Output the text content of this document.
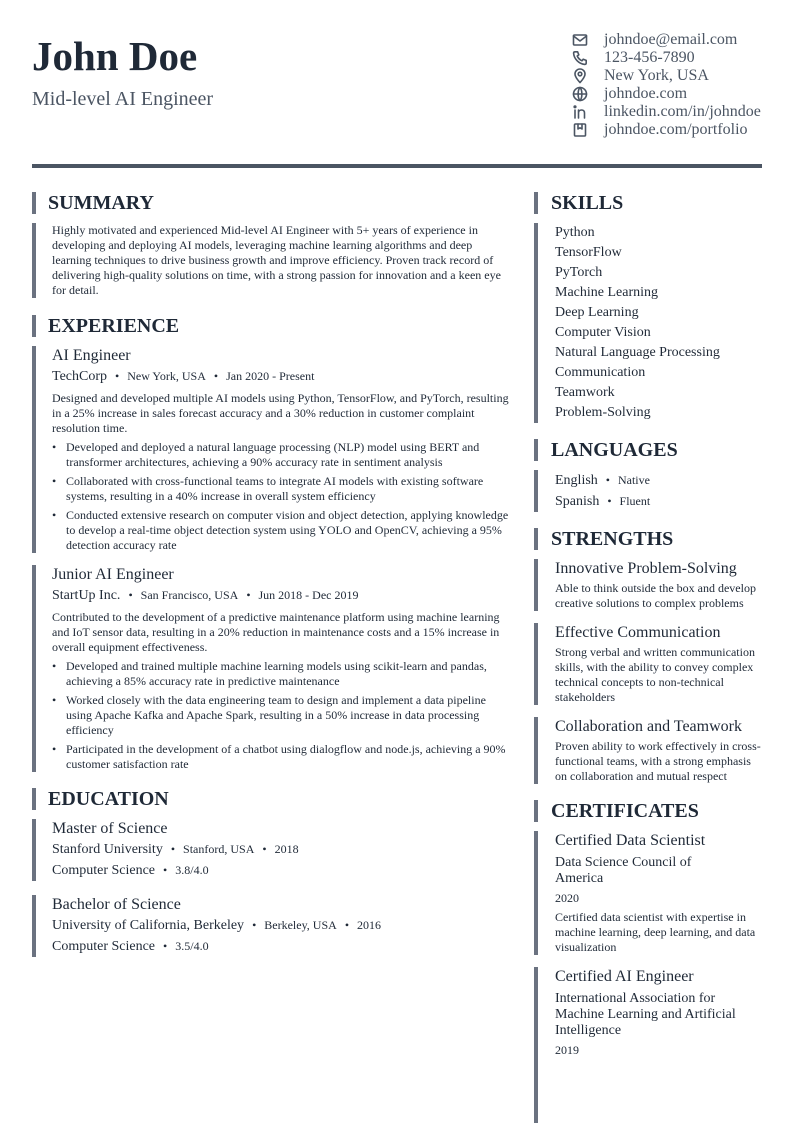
John Doe
Mid-level AI Engineer
johndoe@email.com
123-456-7890
New York, USA
johndoe.com
linkedin.com/in/johndoe
johndoe.com/portfolio
SUMMARY
Highly motivated and experienced Mid-level AI Engineer with 5+ years of experience in developing and deploying AI models, leveraging machine learning algorithms and deep learning techniques to drive business growth and improve efficiency. Proven track record of delivering high-quality solutions on time, with a strong passion for innovation and a keen eye for detail.
EXPERIENCE
AI Engineer
TechCorp • New York, USA • Jan 2020 - Present
Designed and developed multiple AI models using Python, TensorFlow, and PyTorch, resulting in a 25% increase in sales forecast accuracy and a 30% reduction in customer complaint resolution time.
• Developed and deployed a natural language processing (NLP) model using BERT and transformer architectures, achieving a 90% accuracy rate in sentiment analysis
• Collaborated with cross-functional teams to integrate AI models with existing software systems, resulting in a 40% increase in overall system efficiency
• Conducted extensive research on computer vision and object detection, applying knowledge to develop a real-time object detection system using YOLO and OpenCV, achieving a 95% detection accuracy rate
Junior AI Engineer
StartUp Inc. • San Francisco, USA • Jun 2018 - Dec 2019
Contributed to the development of a predictive maintenance platform using machine learning and IoT sensor data, resulting in a 20% reduction in maintenance costs and a 15% increase in overall equipment effectiveness.
• Developed and trained multiple machine learning models using scikit-learn and pandas, achieving a 85% accuracy rate in predictive maintenance
• Worked closely with the data engineering team to design and implement a data pipeline using Apache Kafka and Apache Spark, resulting in a 50% increase in data processing efficiency
• Participated in the development of a chatbot using dialogflow and node.js, achieving a 90% customer satisfaction rate
EDUCATION
Master of Science
Stanford University • Stanford, USA • 2018
Computer Science • 3.8/4.0
Bachelor of Science
University of California, Berkeley • Berkeley, USA • 2016
Computer Science • 3.5/4.0
SKILLS
Python
TensorFlow
PyTorch
Machine Learning
Deep Learning
Computer Vision
Natural Language Processing
Communication
Teamwork
Problem-Solving
LANGUAGES
English • Native
Spanish • Fluent
STRENGTHS
Innovative Problem-Solving
Able to think outside the box and develop creative solutions to complex problems
Effective Communication
Strong verbal and written communication skills, with the ability to convey complex technical concepts to non-technical stakeholders
Collaboration and Teamwork
Proven ability to work effectively in cross-functional teams, with a strong emphasis on collaboration and mutual respect
CERTIFICATES
Certified Data Scientist
Data Science Council of America
2020
Certified data scientist with expertise in machine learning, deep learning, and data visualization
Certified AI Engineer
International Association for Machine Learning and Artificial Intelligence
2019
